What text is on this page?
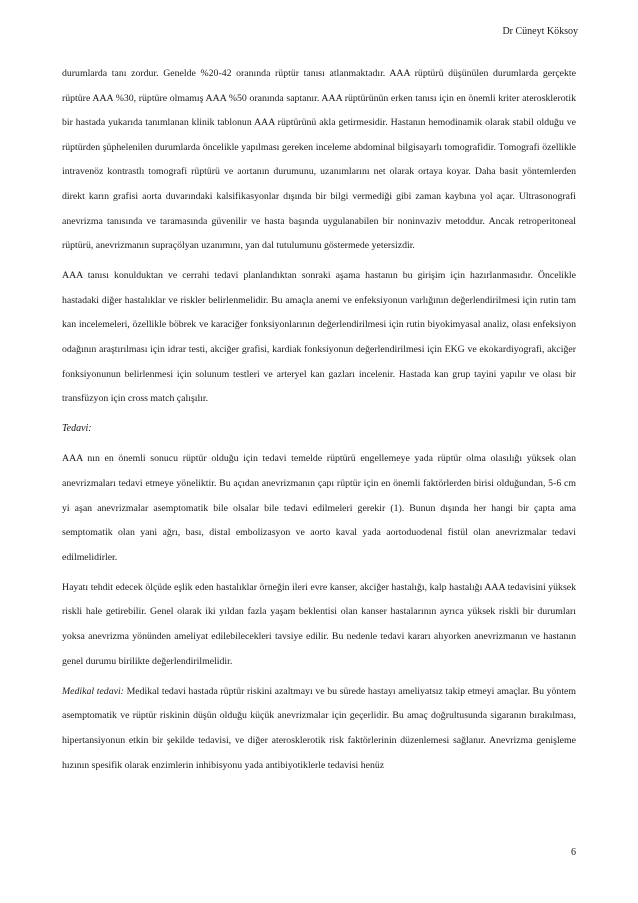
Dr Cüneyt Köksoy

durumlarda tanı zordur. Genelde %20-42 oranında rüptür tanısı atlanmaktadır. AAA rüptürü düşünülen durumlarda gerçekte rüptüre AAA %30, rüptüre olmamış AAA %50 oranında saptanır. AAA rüptürünün erken tanısı için en önemli kriter aterosklerotik bir hastada yukarıda tanımlanan klinik tablonun AAA rüptürünü akla getirmesidir. Hastanın hemodinamik olarak stabil olduğu ve rüptürden şüphelenilen durumlarda öncelikle yapılması gereken inceleme abdominal bilgisayarlı tomografidir. Tomografi özellikle intravenöz kontrastlı tomografi rüptürü ve aortanın durumunu, uzanımlarını net olarak ortaya koyar. Daha basit yöntemlerden direkt karın grafisi aorta duvarındaki kalsifikasyonlar dışında bir bilgi vermediği gibi zaman kaybına yol açar. Ultrasonografi anevrizma tanısında ve taramasında güvenilir ve hasta başında uygulanabilen bir noninvaziv metoddur. Ancak retroperitoneal rüptürü, anevrizmanın supraçölyan uzanımını, yan dal tutulumunu göstermede yetersizdir.

AAA tanısı konulduktan ve cerrahi tedavi planlandıktan sonraki aşama hastanın bu girişim için hazırlanmasıdır. Öncelikle hastadaki diğer hastalıklar ve riskler belirlenmelidir. Bu amaçla anemi ve enfeksiyonun varlığının değerlendirilmesi için rutin tam kan incelemeleri, özellikle böbrek ve karaciğer fonksiyonlarının değerlendirilmesi için rutin biyokimyasal analiz, olası enfeksiyon odağının araştırılması için idrar testi, akciğer grafisi, kardiak fonksiyonun değerlendirilmesi için EKG ve ekokardiyografi, akciğer fonksiyonunun belirlenmesi için solunum testleri ve arteryel kan gazları incelenir. Hastada kan grup tayini yapılır ve olası bir transfüzyon için cross match çalışılır.

Tedavi:

AAA nın en önemli sonucu rüptür olduğu için tedavi temelde rüptürü engellemeye yada rüptür olma olasılığı yüksek olan anevrizmaları tedavi etmeye yöneliktir. Bu açıdan anevrizmanın çapı rüptür için en önemli faktörlerden birisi olduğundan, 5-6 cm yi aşan anevrizmalar asemptomatik bile olsalar bile tedavi edilmeleri gerekir (1). Bunun dışında her hangi bir çapta ama semptomatik olan yani ağrı, bası, distal embolizasyon ve aorto kaval yada aortoduodenal fistül olan anevrizmalar tedavi edilmelidirler.

Hayatı tehdit edecek ölçüde eşlik eden hastalıklar örneğin ileri evre kanser, akciğer hastalığı, kalp hastalığı AAA tedavisini yüksek riskli hale getirebilir. Genel olarak iki yıldan fazla yaşam beklentisi olan kanser hastalarının ayrıca yüksek riskli bir durumları yoksa anevrizma yönünden ameliyat edilebilecekleri tavsiye edilir. Bu nedenle tedavi kararı alıyorken anevrizmanın ve hastanın genel durumu birilikte değerlendirilmelidir.

Medikal tedavi: Medikal tedavi hastada rüptür riskini azaltmayı ve bu sürede hastayı ameliyatsız takip etmeyi amaçlar. Bu yöntem asemptomatik ve rüptür riskinin düşün olduğu küçük anevrizmalar için geçerlidir. Bu amaç doğrultusunda sigaranın bırakılması, hipertansiyonun etkin bir şekilde tedavisi, ve diğer aterosklerotik risk faktörlerinin düzenlemesi sağlanır. Anevrizma genişleme hızının spesifik olarak enzimlerin inhibisyonu yada antibiyotiklerle tedavisi henüz

6
